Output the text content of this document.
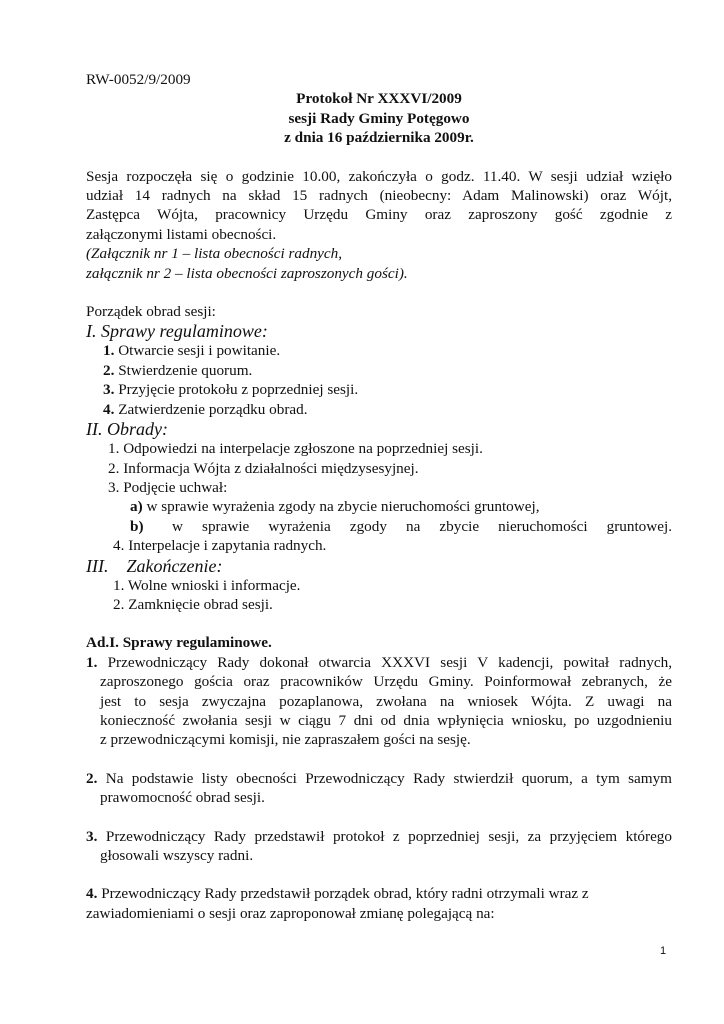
RW-0052/9/2009
Protokoł Nr XXXVI/2009
sesji Rady Gminy Potęgowo
z dnia 16 października 2009r.
Sesja rozpoczęła się o godzinie 10.00, zakończyła o godz. 11.40. W sesji udział wzięło
udział 14 radnych na skład 15 radnych (nieobecny: Adam Malinowski) oraz Wójt,
Zastępca Wójta, pracownicy Urzędu Gminy oraz zaproszony gość zgodnie z
załączonymi listami obecności.
(Załącznik nr 1 – lista obecności radnych,
załącznik nr 2 – lista obecności zaproszonych gości).
Porządek obrad sesji:
I. Sprawy regulaminowe:
1. Otwarcie sesji i powitanie.
2. Stwierdzenie quorum.
3. Przyjęcie protokołu z poprzedniej sesji.
4. Zatwierdzenie porządku obrad.
II. Obrady:
1. Odpowiedzi na interpelacje zgłoszone na poprzedniej sesji.
2. Informacja Wójta z działalności międzysesyjnej.
3. Podjęcie uchwał:
a) w sprawie wyrażenia zgody na zbycie nieruchomości gruntowej,
b)	w sprawie wyrażenia zgody na zbycie nieruchomości gruntowej.
4. Interpelacje i zapytania radnych.
III.    Zakończenie:
1. Wolne wnioski i informacje.
2. Zamknięcie obrad sesji.
Ad.I. Sprawy regulaminowe.
1. Przewodniczący Rady dokonał otwarcia XXXVI sesji V kadencji, powitał radnych,
zaproszonego gościa oraz pracowników Urzędu Gminy. Poinformował zebranych, że
jest to sesja zwyczajna pozaplanowa, zwołana na wniosek Wójta. Z uwagi na
konieczność zwołania sesji w ciągu 7 dni od dnia wpłynięcia wniosku, po uzgodnieniu
z przewodniczącymi komisji, nie zapraszałem gości na sesję.
2. Na podstawie listy obecności Przewodniczący Rady stwierdził quorum, a tym samym
prawomocność obrad sesji.
3. Przewodniczący Rady przedstawił protokoł z poprzedniej sesji, za przyjęciem którego
głosowali wszyscy radni.
4. Przewodniczący Rady przedstawił porządek obrad, który radni otrzymali wraz z
zawiadomieniami o sesji oraz zaproponował zmianę polegającą na:
1
